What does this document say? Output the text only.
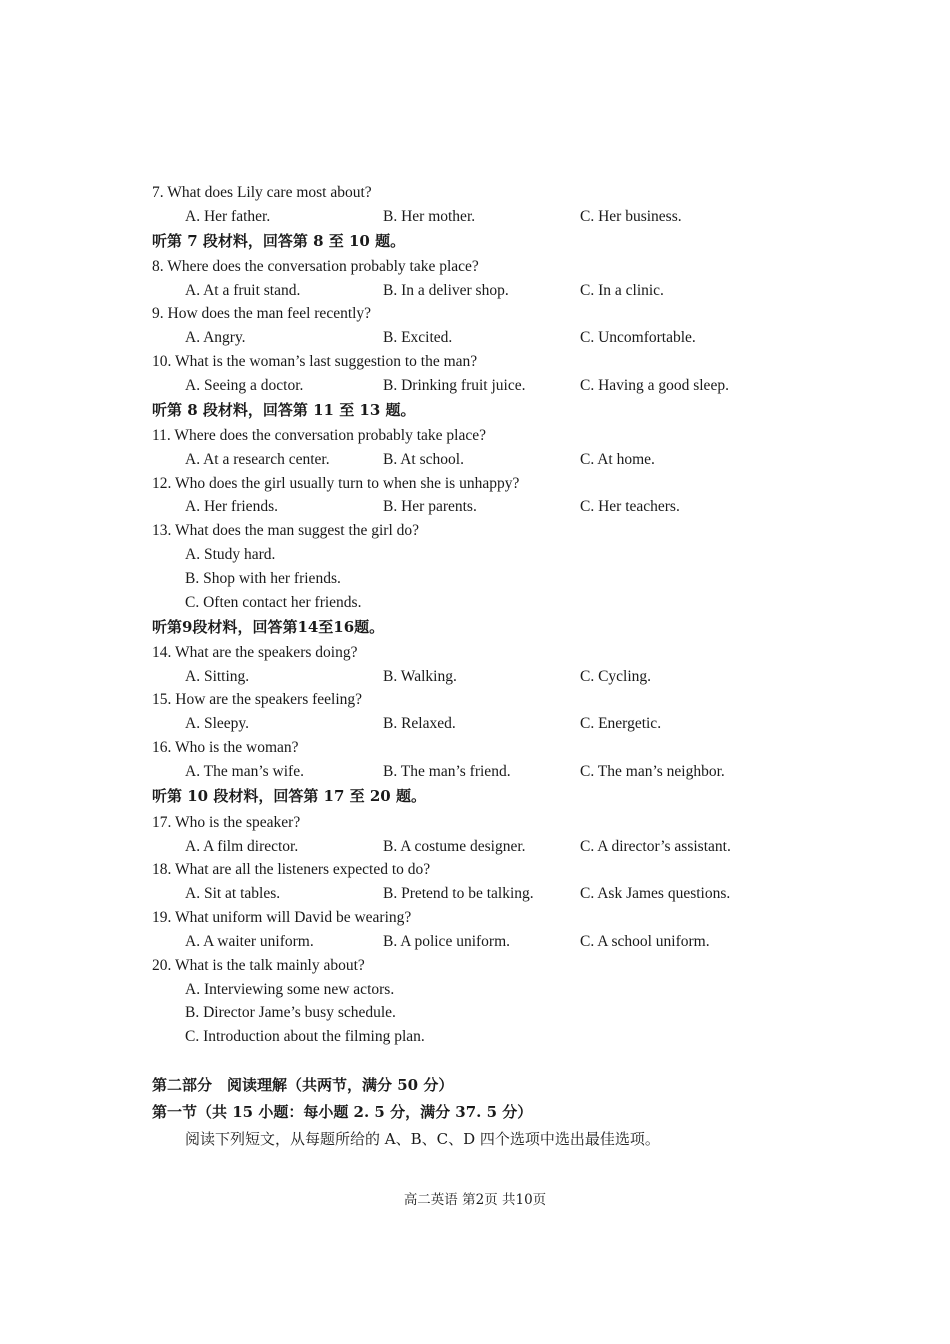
7. What does Lily care most about?
A. Her father.	B. Her mother.	C. Her business.
听第 7 段材料，回答第 8 至 10 题。
8. Where does the conversation probably take place?
A. At a fruit stand.	B. In a deliver shop.	C. In a clinic.
9. How does the man feel recently?
A. Angry.	B. Excited.	C. Uncomfortable.
10. What is the woman’s last suggestion to the man?
A. Seeing a doctor.	B. Drinking fruit juice.	C. Having a good sleep.
听第 8 段材料，回答第 11 至 13 题。
11. Where does the conversation probably take place?
A. At a research center.	B. At school.	C. At home.
12. Who does the girl usually turn to when she is unhappy?
A. Her friends.	B. Her parents.	C. Her teachers.
13. What does the man suggest the girl do?
A. Study hard.
B. Shop with her friends.
C. Often contact her friends.
听第9段材料，回答第14至16题。
14. What are the speakers doing?
A. Sitting.	B. Walking.	C. Cycling.
15. How are the speakers feeling?
A. Sleepy.	B. Relaxed.	C. Energetic.
16. Who is the woman?
A. The man’s wife.	B. The man’s friend.	C. The man’s neighbor.
听第 10 段材料，回答第 17 至 20 题。
17. Who is the speaker?
A. A film director.	B. A costume designer.	C. A director’s assistant.
18. What are all the listeners expected to do?
A. Sit at tables.	B. Pretend to be talking.	C. Ask James questions.
19. What uniform will David be wearing?
A. A waiter uniform.	B. A police uniform.	C. A school uniform.
20. What is the talk mainly about?
A. Interviewing some new actors.
B. Director Jame’s busy schedule.
C. Introduction about the filming plan.
第二部分　阅读理解（共两节，满分 50 分）
第一节（共 15 小题：每小题 2. 5 分，满分 37. 5 分）
阅读下列短文，从每题所给的 A、B、C、D 四个选项中选出最佳选项。
高二英语 第2页 共10页
